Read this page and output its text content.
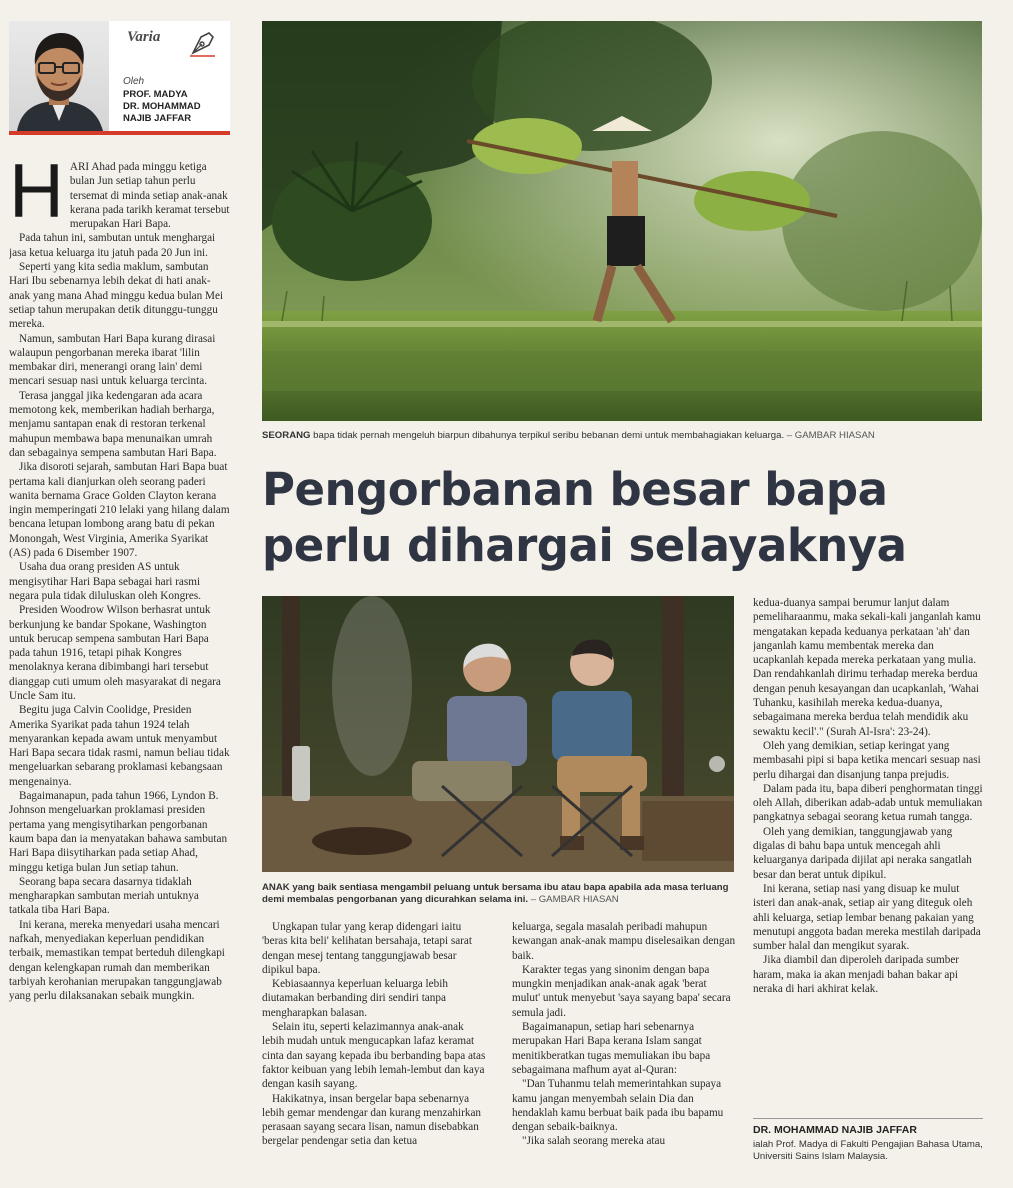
Varia
Oleh
PROF. MADYA
DR. MOHAMMAD
NAJIB JAFFAR
H ARI Ahad pada minggu ketiga bulan Jun setiap tahun perlu tersemat di minda setiap anak-anak kerana pada tarikh keramat tersebut merupakan Hari Bapa.

Pada tahun ini, sambutan untuk menghargai jasa ketua keluarga itu jatuh pada 20 Jun ini.

Seperti yang kita sedia maklum, sambutan Hari Ibu sebenarnya lebih dekat di hati anak-anak yang mana Ahad minggu kedua bulan Mei setiap tahun merupakan detik ditunggu-tunggu mereka.

Namun, sambutan Hari Bapa kurang dirasai walaupun pengorbanan mereka ibarat 'lilin membakar diri, menerangi orang lain' demi mencari sesuap nasi untuk keluarga tercinta.

Terasa janggal jika kedengaran ada acara memotong kek, memberikan hadiah berharga, menjamu santapan enak di restoran terkenal mahupun membawa bapa menunaikan umrah dan sebagainya sempena sambutan Hari Bapa.

Jika disoroti sejarah, sambutan Hari Bapa buat pertama kali dianjurkan oleh seorang paderi wanita bernama Grace Golden Clayton kerana ingin memperingati 210 lelaki yang hilang dalam bencana letupan lombong arang batu di pekan Monongah, West Virginia, Amerika Syarikat (AS) pada 6 Disember 1907.

Usaha dua orang presiden AS untuk mengisytihar Hari Bapa sebagai hari rasmi negara pula tidak diluluskan oleh Kongres.

Presiden Woodrow Wilson berhasrat untuk berkunjung ke bandar Spokane, Washington untuk berucap sempena sambutan Hari Bapa pada tahun 1916, tetapi pihak Kongres menolaknya kerana dibimbangi hari tersebut dianggap cuti umum oleh masyarakat di negara Uncle Sam itu.

Begitu juga Calvin Coolidge, Presiden Amerika Syarikat pada tahun 1924 telah menyarankan kepada awam untuk menyambut Hari Bapa secara tidak rasmi, namun beliau tidak mengeluarkan sebarang proklamasi kebangsaan mengenainya.

Bagaimanapun, pada tahun 1966, Lyndon B. Johnson mengeluarkan proklamasi presiden pertama yang mengisytiharkan pengorbanan kaum bapa dan ia menyatakan bahawa sambutan Hari Bapa diisytiharkan pada setiap Ahad, minggu ketiga bulan Jun setiap tahun.

Seorang bapa secara dasarnya tidaklah mengharapkan sambutan meriah untuknya tatkala tiba Hari Bapa.

Ini kerana, mereka menyedari usaha mencari nafkah, menyediakan keperluan pendidikan terbaik, memastikan tempat berteduh dilengkapi dengan kelengkapan rumah dan memberikan tarbiyah kerohanian merupakan tanggungjawab yang perlu dilaksanakan sebaik mungkin.

SEORANG bapa tidak pernah mengeluh biarpun dibahunya terpikul seribu bebanan demi untuk membahagiakan keluarga. – GAMBAR HIASAN
Pengorbanan besar bapa
perlu dihargai selayaknya
ANAK yang baik sentiasa mengambil peluang untuk bersama ibu atau bapa apabila ada masa terluang demi membalas pengorbanan yang dicurahkan selama ini. – GAMBAR HIASAN

kedua-duanya sampai berumur lanjut dalam pemeliharaanmu, maka sekali-kali janganlah kamu mengatakan kepada keduanya perkataan 'ah' dan janganlah kamu membentak mereka dan ucapkanlah kepada mereka perkataan yang mulia. Dan rendahkanlah dirimu terhadap mereka berdua dengan penuh kesayangan dan ucapkanlah, 'Wahai Tuhanku, kasihilah mereka kedua-duanya, sebagaimana mereka berdua telah mendidik aku sewaktu kecil'." (Surah Al-Isra': 23-24).

Oleh yang demikian, setiap keringat yang membasahi pipi si bapa ketika mencari sesuap nasi perlu dihargai dan disanjung tanpa prejudis.

Dalam pada itu, bapa diberi penghormatan tinggi oleh Allah, diberikan adab-adab untuk memuliakan pangkatnya sebagai seorang ketua rumah tangga.

Oleh yang demikian, tanggungjawab yang digalas di bahu bapa untuk mencegah ahli keluarganya daripada dijilat api neraka sangatlah besar dan berat untuk dipikul.

Ini kerana, setiap nasi yang disuap ke mulut isteri dan anak-anak, setiap air yang diteguk oleh ahli keluarga, setiap lembar benang pakaian yang menutupi anggota badan mereka mestilah daripada sumber halal dan mengikut syarak.

Jika diambil dan diperoleh daripada sumber haram, maka ia akan menjadi bahan bakar api neraka di hari akhirat kelak.

Ungkapan tular yang kerap didengari iaitu 'beras kita beli' kelihatan bersahaja, tetapi sarat dengan mesej tentang tanggungjawab besar dipikul bapa.

Kebiasaannya keperluan keluarga lebih diutamakan berbanding diri sendiri tanpa mengharapkan balasan.

Selain itu, seperti kelazimannya anak-anak lebih mudah untuk mengucapkan lafaz keramat cinta dan sayang kepada ibu berbanding bapa atas faktor keibuan yang lebih lemah-lembut dan kaya dengan kasih sayang.

Hakikatnya, insan bergelar bapa sebenarnya lebih gemar mendengar dan kurang menzahirkan perasaan sayang secara lisan, namun disebabkan bergelar pendengar setia dan ketua

keluarga, segala masalah peribadi mahupun kewangan anak-anak mampu diselesaikan dengan baik.

Karakter tegas yang sinonim dengan bapa mungkin menjadikan anak-anak agak 'berat mulut' untuk menyebut 'saya sayang bapa' secara semula jadi.

Bagaimanapun, setiap hari sebenarnya merupakan Hari Bapa kerana Islam sangat menitikberatkan tugas memuliakan ibu bapa sebagaimana mafhum ayat al-Quran:

"Dan Tuhanmu telah memerintahkan supaya kamu jangan menyembah selain Dia dan hendaklah kamu berbuat baik pada ibu bapamu dengan sebaik-baiknya.

"Jika salah seorang mereka atau

DR. MOHAMMAD NAJIB JAFFAR
ialah Prof. Madya di Fakulti Pengajian Bahasa Utama, Universiti Sains Islam Malaysia.
